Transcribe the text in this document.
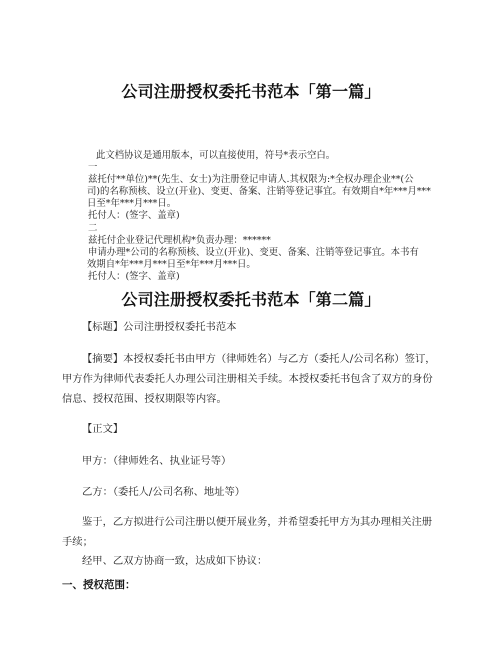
公司注册授权委托书范本「第一篇」

此文档协议是通用版本，可以直接使用，符号*表示空白。

一

兹托付**单位)**(先生、女士)为注册登记申请人.其权限为:*全权办理企业**(公

司)的名称预核、设立(开业)、变更、备案、注销等登记事宜。有效期自*年***月***

日至*年***月***日。

托付人：(签字、盖章)

二

兹托付企业登记代理机构*负责办理：******

申请办理*公司的名称预核、设立(开业)、变更、备案、注销等登记事宜。本书有

效期自*年***月***日至*年***月***日。

托付人：(签字、盖章)

公司注册授权委托书范本「第二篇」

【标题】公司注册授权委托书范本

【摘要】本授权委托书由甲方（律师姓名）与乙方（委托人/公司名称）签订，

甲方作为律师代表委托人办理公司注册相关手续。本授权委托书包含了双方的身份

信息、授权范围、授权期限等内容。

【正文】

甲方：（律师姓名、执业证号等）

乙方：（委托人/公司名称、地址等）

鉴于，乙方拟进行公司注册以便开展业务，并希望委托甲方为其办理相关注册

手续；

经甲、乙双方协商一致，达成如下协议：

一、授权范围：
